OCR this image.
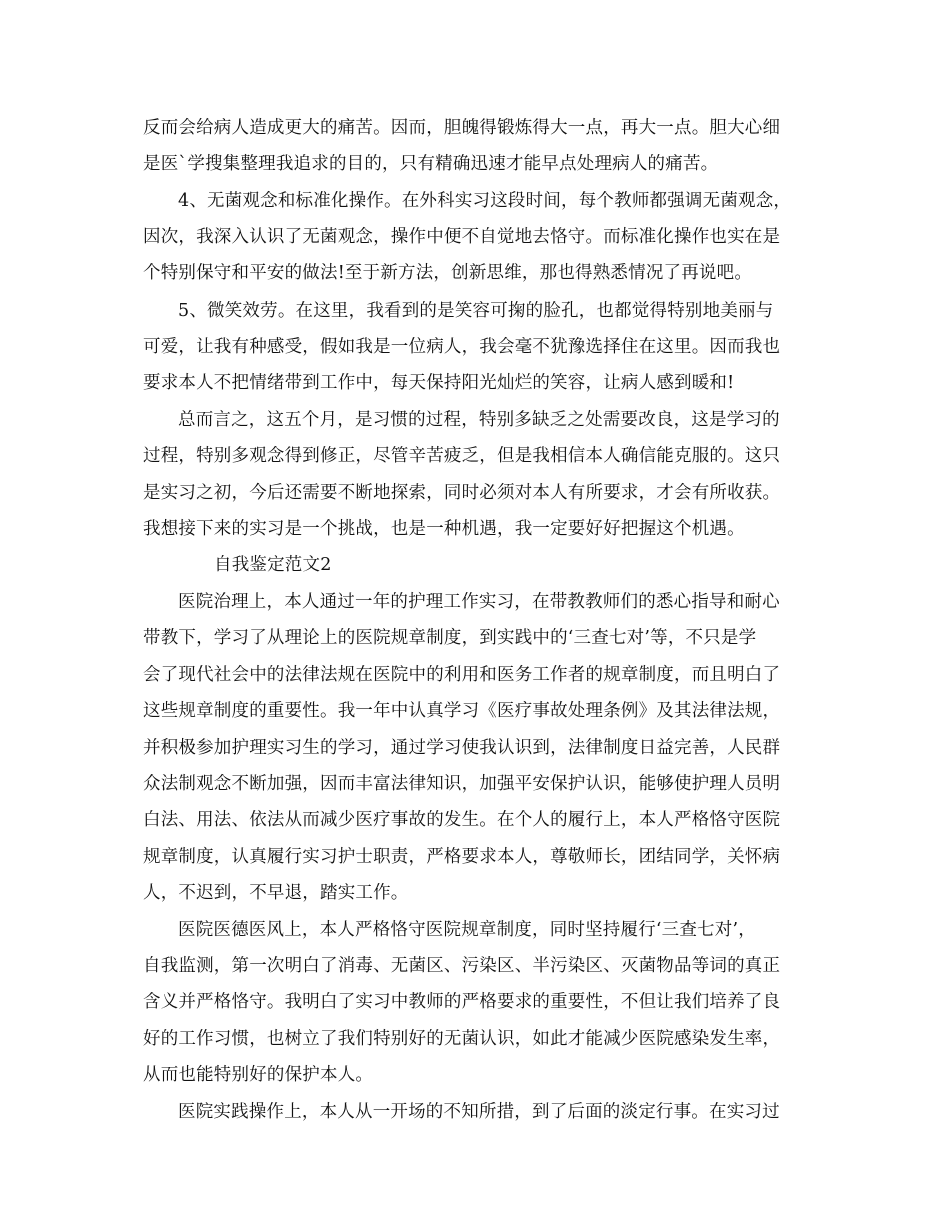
反而会给病人造成更大的痛苦。因而，胆魄得锻炼得大一点，再大一点。胆大心细
是医`学搜集整理我追求的目的，只有精确迅速才能早点处理病人的痛苦。
4、无菌观念和标准化操作。在外科实习这段时间，每个教师都强调无菌观念，
因次，我深入认识了无菌观念，操作中便不自觉地去恪守。而标准化操作也实在是
个特别保守和平安的做法!至于新方法，创新思维，那也得熟悉情况了再说吧。
5、微笑效劳。在这里，我看到的是笑容可掬的脸孔，也都觉得特别地美丽与
可爱，让我有种感受，假如我是一位病人，我会毫不犹豫选择住在这里。因而我也
要求本人不把情绪带到工作中，每天保持阳光灿烂的笑容，让病人感到暖和!
总而言之，这五个月，是习惯的过程，特别多缺乏之处需要改良，这是学习的
过程，特别多观念得到修正，尽管辛苦疲乏，但是我相信本人确信能克服的。这只
是实习之初，今后还需要不断地探索，同时必须对本人有所要求，才会有所收获。
我想接下来的实习是一个挑战，也是一种机遇，我一定要好好把握这个机遇。
自我鉴定范文2
医院治理上，本人通过一年的护理工作实习，在带教教师们的悉心指导和耐心
带教下，学习了从理论上的医院规章制度，到实践中的‘三查七对’等，不只是学
会了现代社会中的法律法规在医院中的利用和医务工作者的规章制度，而且明白了
这些规章制度的重要性。我一年中认真学习《医疗事故处理条例》及其法律法规，
并积极参加护理实习生的学习，通过学习使我认识到，法律制度日益完善，人民群
众法制观念不断加强，因而丰富法律知识，加强平安保护认识，能够使护理人员明
白法、用法、依法从而减少医疗事故的发生。在个人的履行上，本人严格恪守医院
规章制度，认真履行实习护士职责，严格要求本人，尊敬师长，团结同学，关怀病
人，不迟到，不早退，踏实工作。
医院医德医风上，本人严格恪守医院规章制度，同时坚持履行‘三查七对’，
自我监测，第一次明白了消毒、无菌区、污染区、半污染区、灭菌物品等词的真正
含义并严格恪守。我明白了实习中教师的严格要求的重要性，不但让我们培养了良
好的工作习惯，也树立了我们特别好的无菌认识，如此才能减少医院感染发生率，
从而也能特别好的保护本人。
医院实践操作上，本人从一开场的不知所措，到了后面的淡定行事。在实习过
